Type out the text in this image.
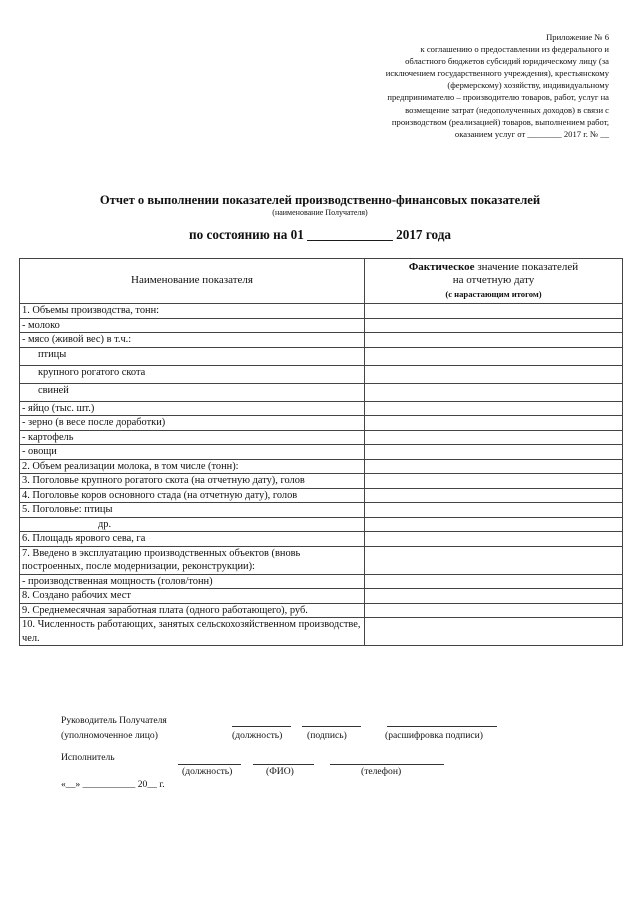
Приложение № 6
к соглашению о предоставлении из федерального и
областного бюджетов субсидий юридическому лицу (за
исключением государственного учреждения), крестьянскому
(фермерскому) хозяйству, индивидуальному
предпринимателю – производителю товаров, работ, услуг на
возмещение затрат (недополученных доходов) в связи с
производством (реализацией) товаров, выполнением работ,
оказанием услуг от ________ 2017 г. № __
Отчет о выполнении показателей производственно-финансовых показателей
(наименование Получателя)
по состоянию на 01 _____________ 2017 года
Наименование показателя	Фактическое значение показателей
на отчетную дату
(с нарастающим итогом)
1. Объемы производства, тонн:	
- молоко	
- мясо (живой вес) в т.ч.:	
птицы	
крупного рогатого скота	
свиней	
- яйцо (тыс. шт.)	
- зерно (в весе после доработки)	
- картофель	
- овощи	
2. Объем реализации молока, в том числе (тонн):	
3. Поголовье крупного рогатого скота (на отчетную дату), голов	
4. Поголовье коров основного стада (на отчетную дату), голов	
5. Поголовье: птицы	
др.	
6. Площадь ярового сева, га	
7. Введено в эксплуатацию производственных объектов (вновь построенных, после модернизации, реконструкции):	
- производственная мощность (голов/тонн)	
8. Создано рабочих мест	
9. Среднемесячная заработная плата (одного работающего), руб.	
10. Численность работающих, занятых сельскохозяйственном производстве, чел.	
Руководитель Получателя
(уполномоченное лицо)	(должность)	(подпись)	(расшифровка подписи)
Исполнитель
(должность)	(ФИО)	(телефон)
«__» ___________ 20__ г.
